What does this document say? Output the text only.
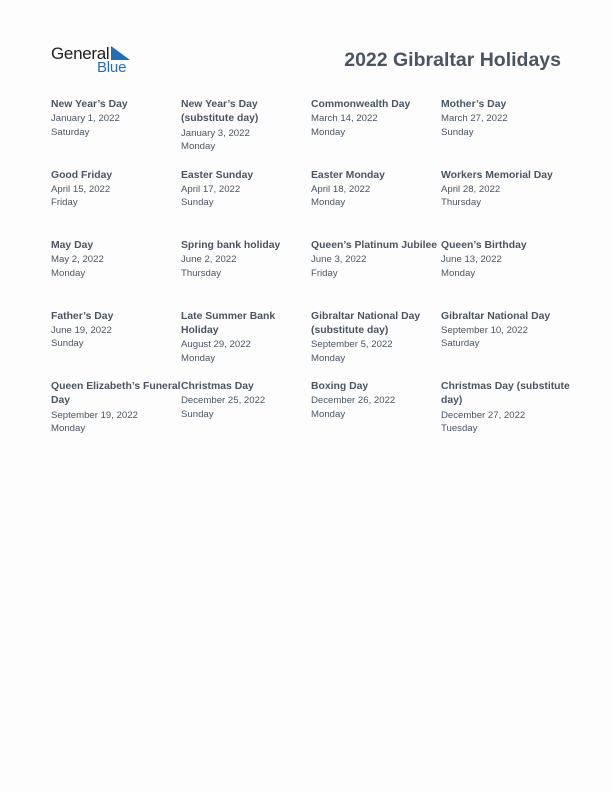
General
Blue	2022 Gibraltar Holidays
New Year’s Day
January 1, 2022
Saturday
New Year’s Day (substitute day)
January 3, 2022
Monday
Commonwealth Day
March 14, 2022
Monday
Mother’s Day
March 27, 2022
Sunday
Good Friday
April 15, 2022
Friday
Easter Sunday
April 17, 2022
Sunday
Easter Monday
April 18, 2022
Monday
Workers Memorial Day
April 28, 2022
Thursday
May Day
May 2, 2022
Monday
Spring bank holiday
June 2, 2022
Thursday
Queen’s Platinum Jubilee
June 3, 2022
Friday
Queen’s Birthday
June 13, 2022
Monday
Father’s Day
June 19, 2022
Sunday
Late Summer Bank Holiday
August 29, 2022
Monday
Gibraltar National Day (substitute day)
September 5, 2022
Monday
Gibraltar National Day
September 10, 2022
Saturday
Queen Elizabeth’s Funeral Day
September 19, 2022
Monday
Christmas Day
December 25, 2022
Sunday
Boxing Day
December 26, 2022
Monday
Christmas Day (substitute day)
December 27, 2022
Tuesday
